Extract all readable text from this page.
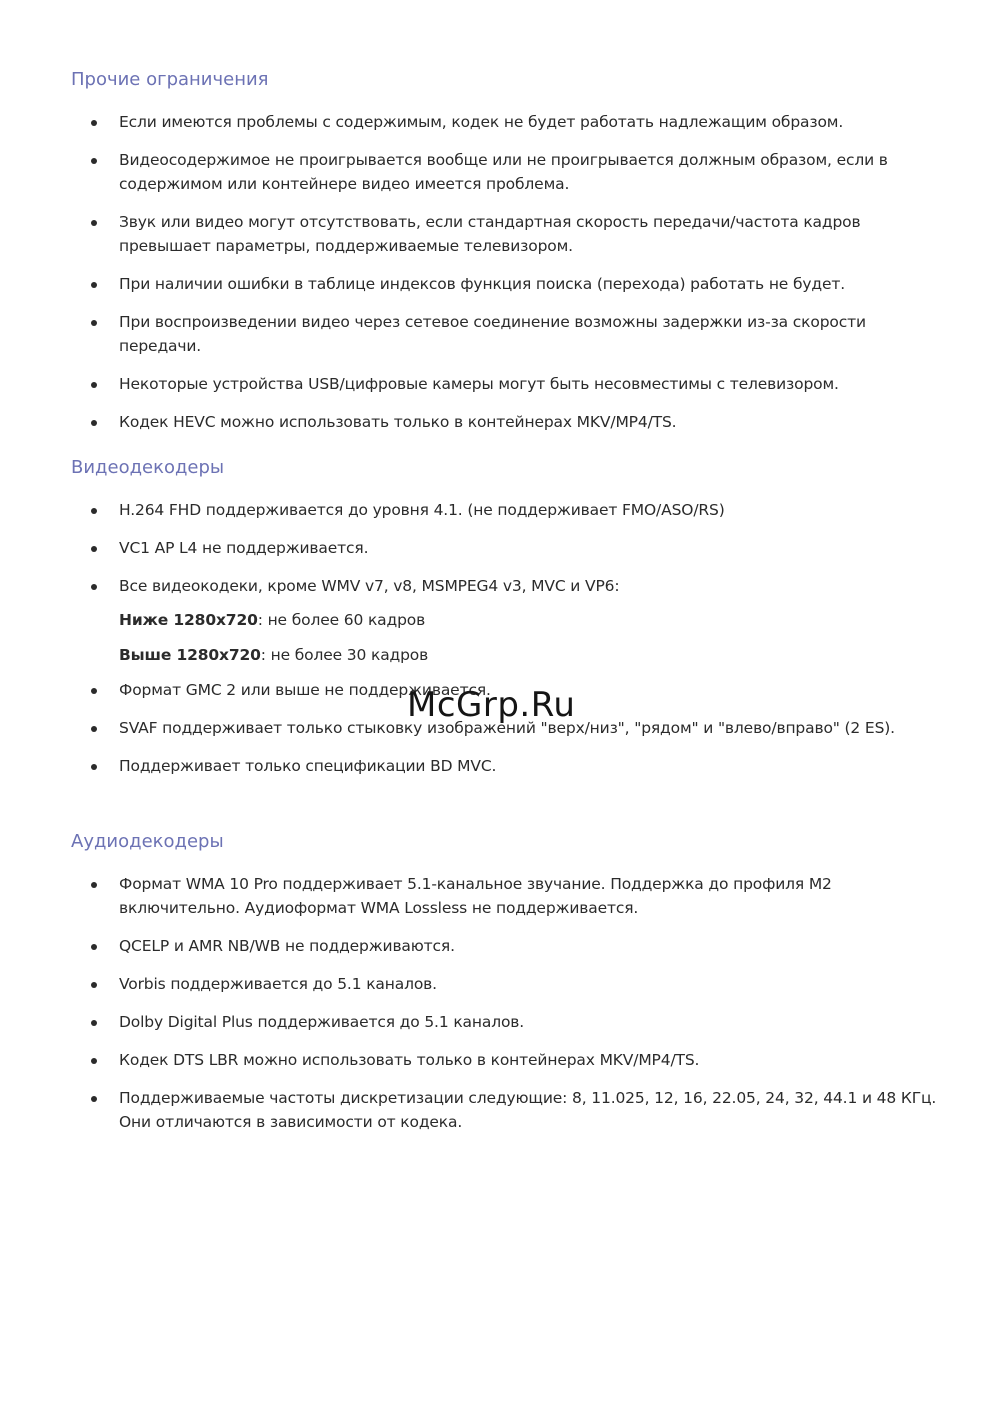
Прочие ограничения
Если имеются проблемы с содержимым, кодек не будет работать надлежащим образом.
Видеосодержимое не проигрывается вообще или не проигрывается должным образом, если в содержимом или контейнере видео имеется проблема.
Звук или видео могут отсутствовать, если стандартная скорость передачи/частота кадров превышает параметры, поддерживаемые телевизором.
При наличии ошибки в таблице индексов функция поиска (перехода) работать не будет.
При воспроизведении видео через сетевое соединение возможны задержки из-за скорости передачи.
Некоторые устройства USB/цифровые камеры могут быть несовместимы с телевизором.
Кодек HEVC можно использовать только в контейнерах MKV/MP4/TS.
Видеодекодеры
H.264 FHD поддерживается до уровня 4.1. (не поддерживает FMO/ASO/RS)
VC1 AP L4 не поддерживается.
Все видеокодеки, кроме WMV v7, v8, MSMPEG4 v3, MVC и VP6:
Ниже 1280x720: не более 60 кадров
Выше 1280x720: не более 30 кадров
Формат GMC 2 или выше не поддерживается.
SVAF поддерживает только стыковку изображений "верх/низ", "рядом" и "влево/вправо" (2 ES).
Поддерживает только спецификации BD MVC.
Аудиодекодеры
Формат WMA 10 Pro поддерживает 5.1-канальное звучание. Поддержка до профиля M2 включительно. Аудиоформат WMA Lossless не поддерживается.
QCELP и AMR NB/WB не поддерживаются.
Vorbis поддерживается до 5.1 каналов.
Dolby Digital Plus поддерживается до 5.1 каналов.
Кодек DTS LBR можно использовать только в контейнерах MKV/MP4/TS.
Поддерживаемые частоты дискретизации следующие: 8, 11.025, 12, 16, 22.05, 24, 32, 44.1 и 48 КГц. Они отличаются в зависимости от кодека.
McGrp.Ru
